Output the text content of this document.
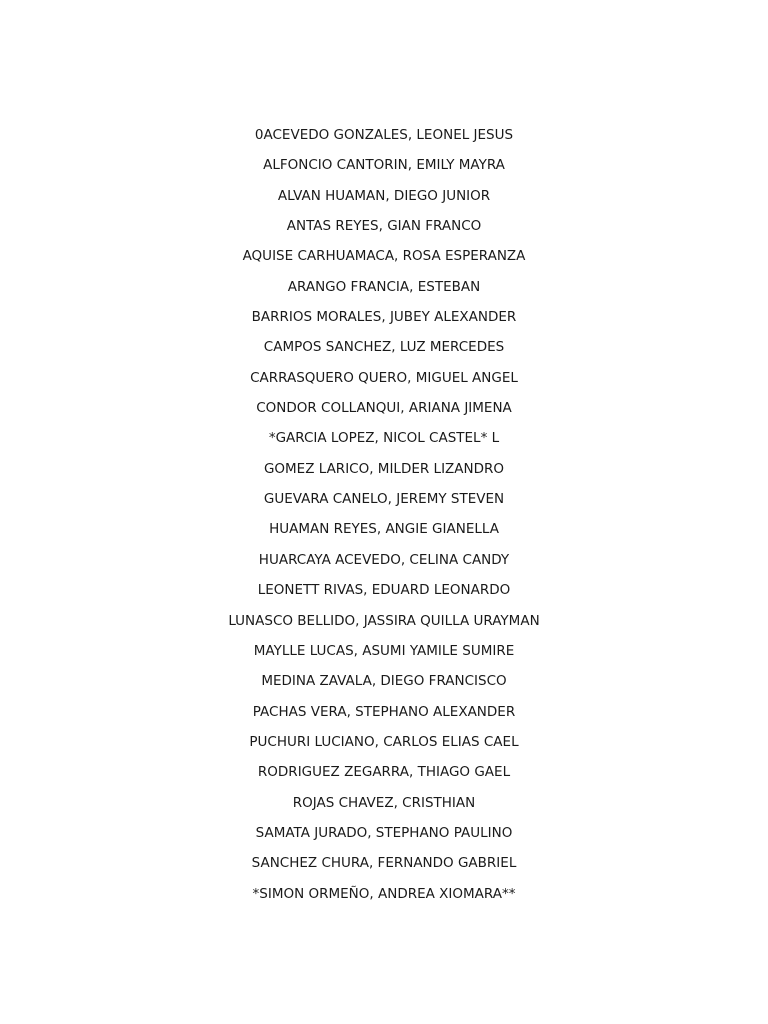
0ACEVEDO GONZALES, LEONEL JESUS
ALFONCIO CANTORIN, EMILY MAYRA
ALVAN HUAMAN, DIEGO JUNIOR
ANTAS REYES, GIAN FRANCO
AQUISE CARHUAMACA, ROSA ESPERANZA
ARANGO FRANCIA, ESTEBAN
BARRIOS MORALES, JUBEY ALEXANDER
CAMPOS SANCHEZ, LUZ MERCEDES
CARRASQUERO QUERO, MIGUEL ANGEL
CONDOR COLLANQUI, ARIANA JIMENA
*GARCIA LOPEZ, NICOL CASTEL* L
GOMEZ LARICO, MILDER LIZANDRO
GUEVARA CANELO, JEREMY STEVEN
HUAMAN REYES, ANGIE GIANELLA
HUARCAYA ACEVEDO, CELINA CANDY
LEONETT RIVAS, EDUARD LEONARDO
LUNASCO BELLIDO, JASSIRA QUILLA URAYMAN
MAYLLE LUCAS, ASUMI YAMILE SUMIRE
MEDINA ZAVALA, DIEGO FRANCISCO
PACHAS VERA, STEPHANO ALEXANDER
PUCHURI LUCIANO, CARLOS ELIAS CAEL
RODRIGUEZ ZEGARRA, THIAGO GAEL
ROJAS CHAVEZ, CRISTHIAN
SAMATA JURADO, STEPHANO PAULINO
SANCHEZ CHURA, FERNANDO GABRIEL
*SIMON ORMEÑO, ANDREA XIOMARA**
